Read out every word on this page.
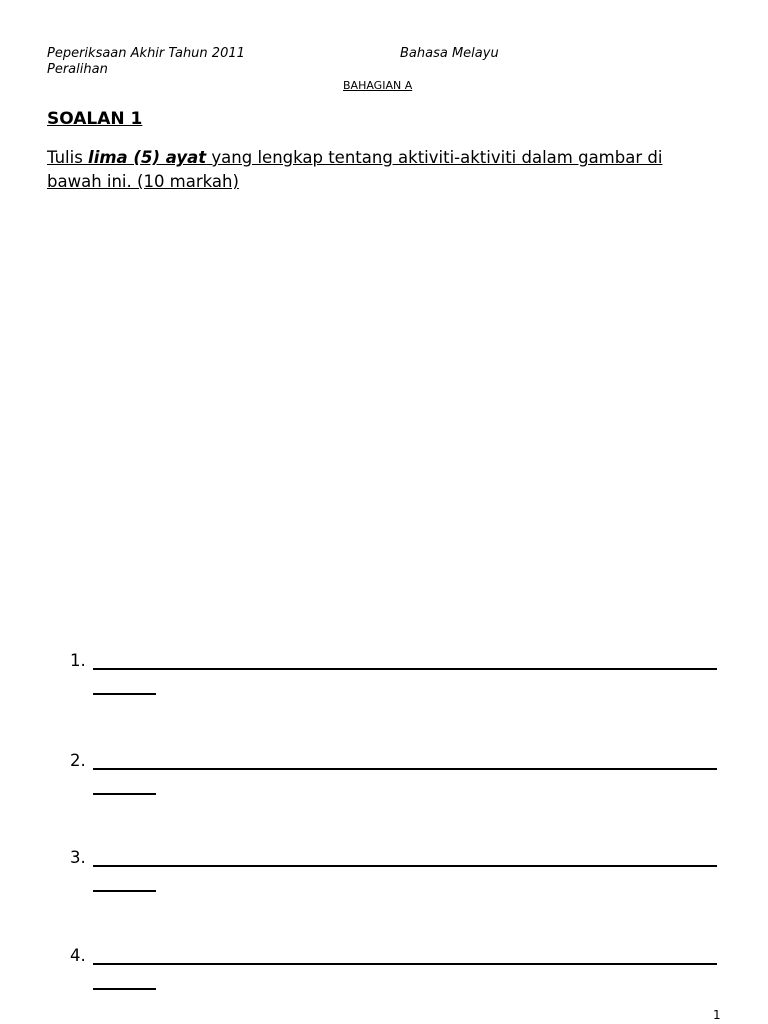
Peperiksaan Akhir Tahun 2011
Peralihan
Bahasa Melayu
BAHAGIAN A
SOALAN 1
Tulis lima (5) ayat yang lengkap tentang aktiviti-aktiviti dalam gambar di bawah ini. (10 markah)
1.
2.
3.
4.
1
